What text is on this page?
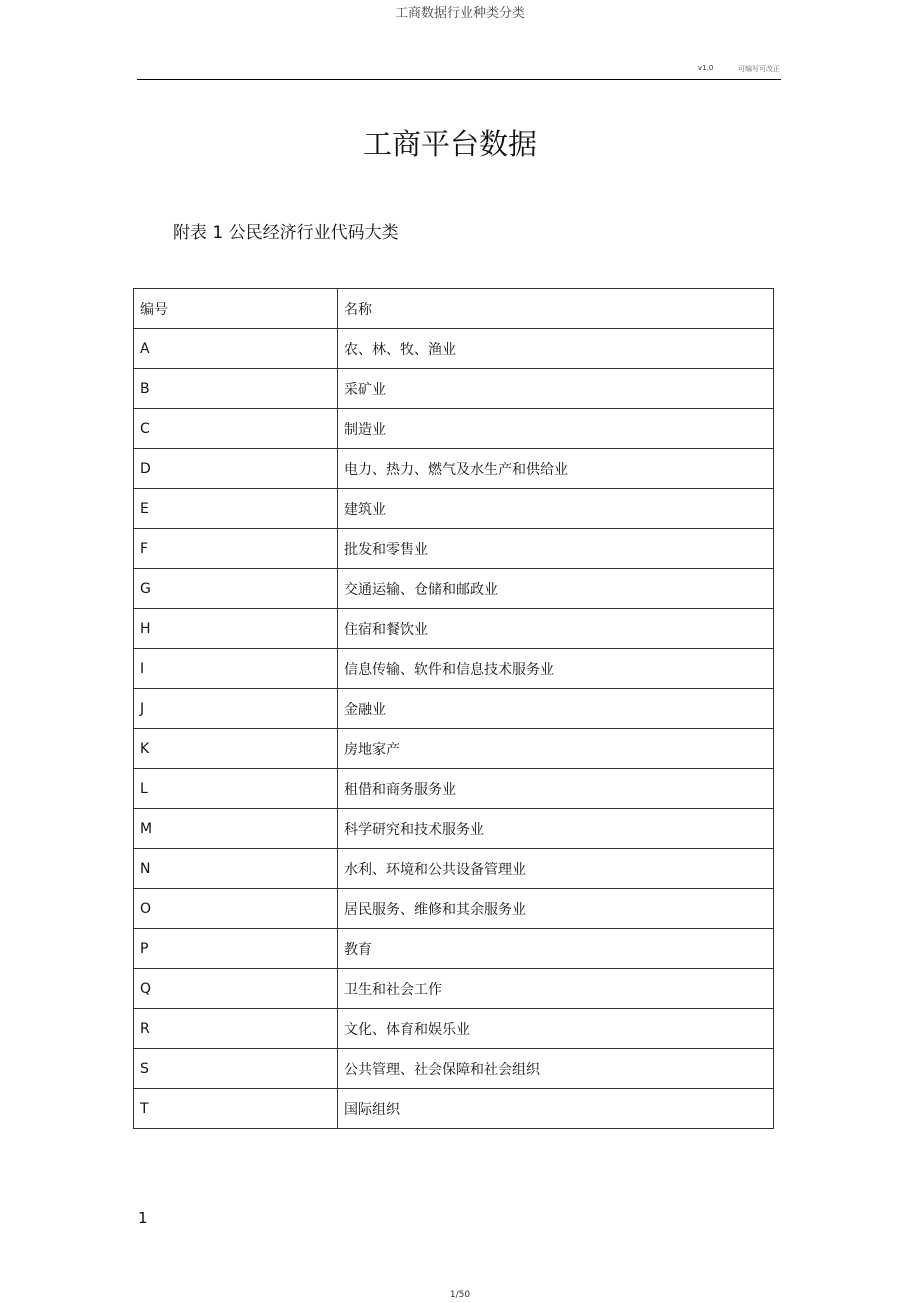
工商数据行业种类分类
v1.0	可编写可改正
工商平台数据
附表 1 公民经济行业代码大类
编号	名称
A	农、林、牧、渔业
B	采矿业
C	制造业
D	电力、热力、燃气及水生产和供给业
E	建筑业
F	批发和零售业
G	交通运输、仓储和邮政业
H	住宿和餐饮业
I	信息传输、软件和信息技术服务业
J	金融业
K	房地家产
L	租借和商务服务业
M	科学研究和技术服务业
N	水利、环境和公共设备管理业
O	居民服务、维修和其余服务业
P	教育
Q	卫生和社会工作
R	文化、体育和娱乐业
S	公共管理、社会保障和社会组织
T	国际组织
1
1/50
